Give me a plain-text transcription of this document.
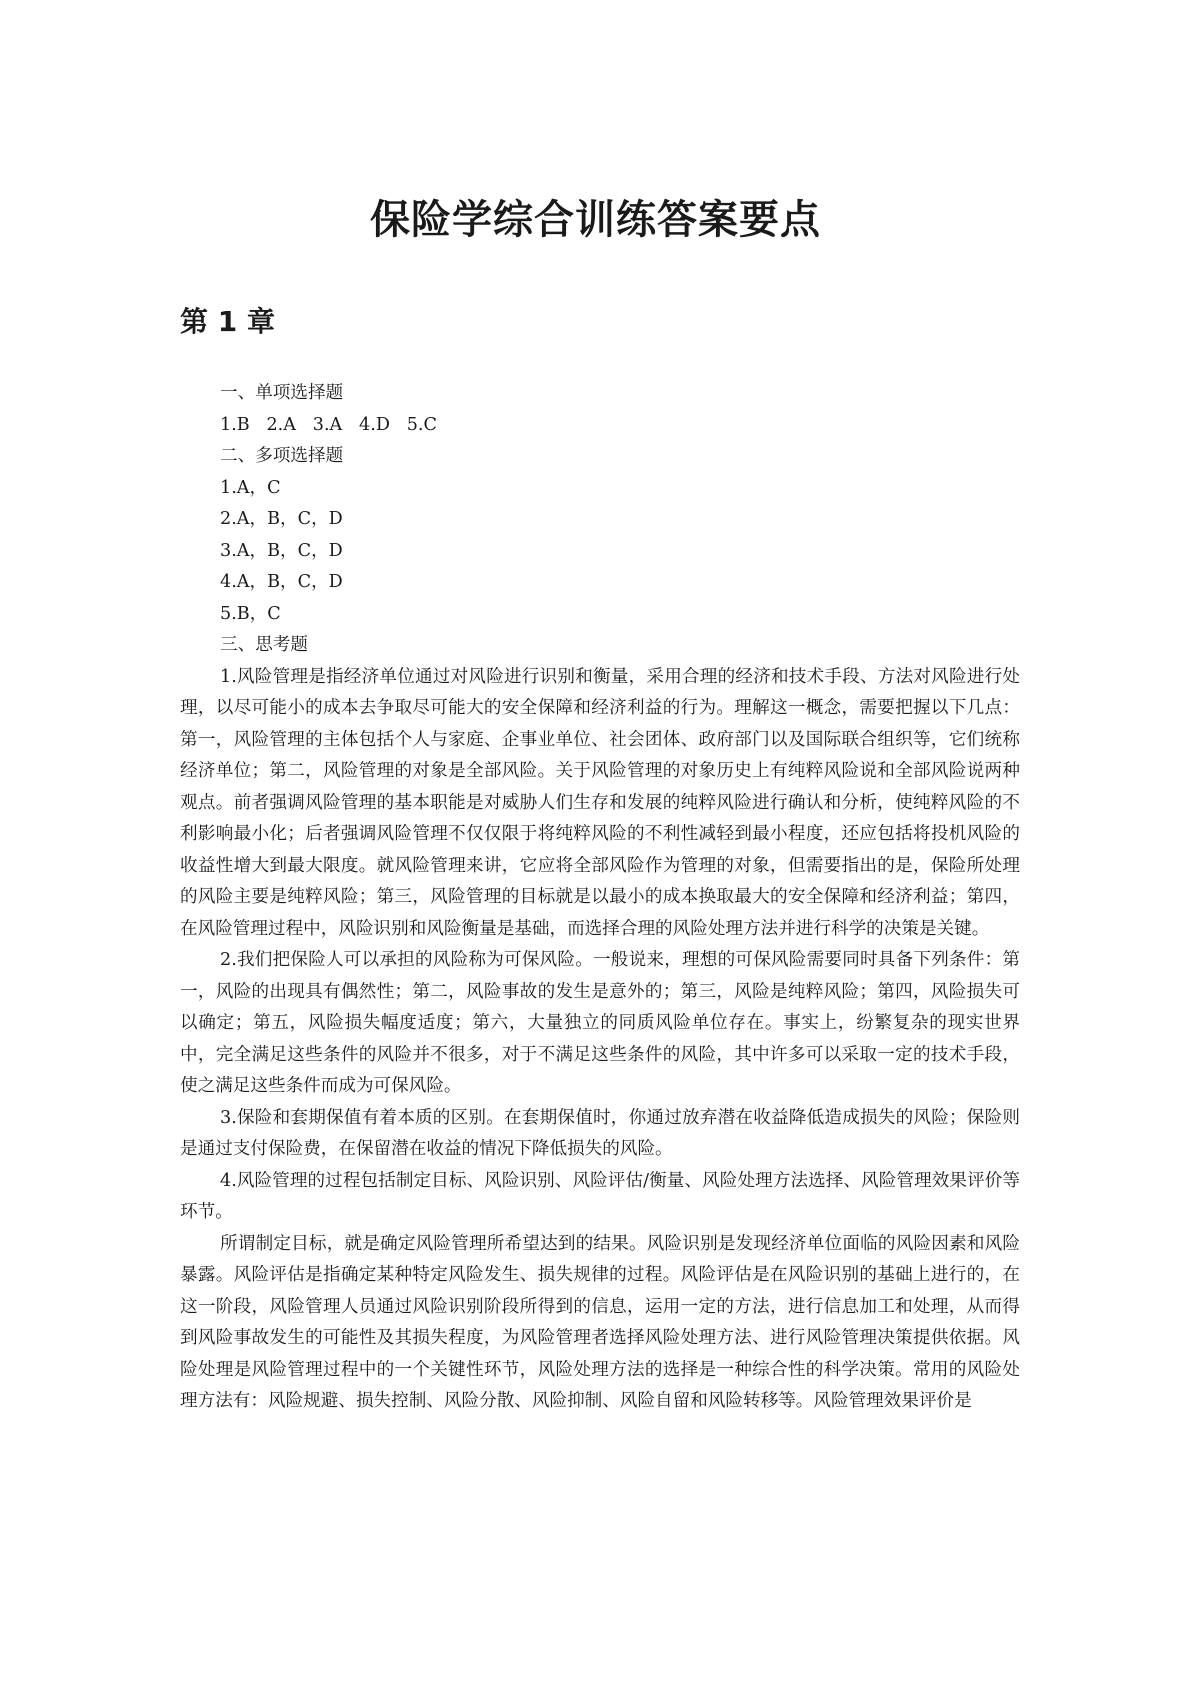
保险学综合训练答案要点
第 1 章

一、单项选择题

1.B   2.A   3.A   4.D   5.C

二、多项选择题

1.A，C

2.A，B，C，D

3.A，B，C，D

4.A，B，C，D

5.B，C

三、思考题

1.风险管理是指经济单位通过对风险进行识别和衡量，采用合理的经济和技术手段、方法对风险进行处理，以尽可能小的成本去争取尽可能大的安全保障和经济利益的行为。理解这一概念，需要把握以下几点：第一，风险管理的主体包括个人与家庭、企事业单位、社会团体、政府部门以及国际联合组织等，它们统称经济单位；第二，风险管理的对象是全部风险。关于风险管理的对象历史上有纯粹风险说和全部风险说两种观点。前者强调风险管理的基本职能是对威胁人们生存和发展的纯粹风险进行确认和分析，使纯粹风险的不利影响最小化；后者强调风险管理不仅仅限于将纯粹风险的不利性减轻到最小程度，还应包括将投机风险的收益性增大到最大限度。就风险管理来讲，它应将全部风险作为管理的对象，但需要指出的是，保险所处理的风险主要是纯粹风险；第三，风险管理的目标就是以最小的成本换取最大的安全保障和经济利益；第四，在风险管理过程中，风险识别和风险衡量是基础，而选择合理的风险处理方法并进行科学的决策是关键。

2.我们把保险人可以承担的风险称为可保风险。一般说来，理想的可保风险需要同时具备下列条件：第一，风险的出现具有偶然性；第二，风险事故的发生是意外的；第三，风险是纯粹风险；第四，风险损失可以确定；第五，风险损失幅度适度；第六，大量独立的同质风险单位存在。事实上，纷繁复杂的现实世界中，完全满足这些条件的风险并不很多，对于不满足这些条件的风险，其中许多可以采取一定的技术手段，使之满足这些条件而成为可保风险。

3.保险和套期保值有着本质的区别。在套期保值时，你通过放弃潜在收益降低造成损失的风险；保险则是通过支付保险费，在保留潜在收益的情况下降低损失的风险。

4.风险管理的过程包括制定目标、风险识别、风险评估/衡量、风险处理方法选择、风险管理效果评价等环节。

所谓制定目标，就是确定风险管理所希望达到的结果。风险识别是发现经济单位面临的风险因素和风险暴露。风险评估是指确定某种特定风险发生、损失规律的过程。风险评估是在风险识别的基础上进行的，在这一阶段，风险管理人员通过风险识别阶段所得到的信息，运用一定的方法，进行信息加工和处理，从而得到风险事故发生的可能性及其损失程度，为风险管理者选择风险处理方法、进行风险管理决策提供依据。风险处理是风险管理过程中的一个关键性环节，风险处理方法的选择是一种综合性的科学决策。常用的风险处理方法有：风险规避、损失控制、风险分散、风险抑制、风险自留和风险转移等。风险管理效果评价是
